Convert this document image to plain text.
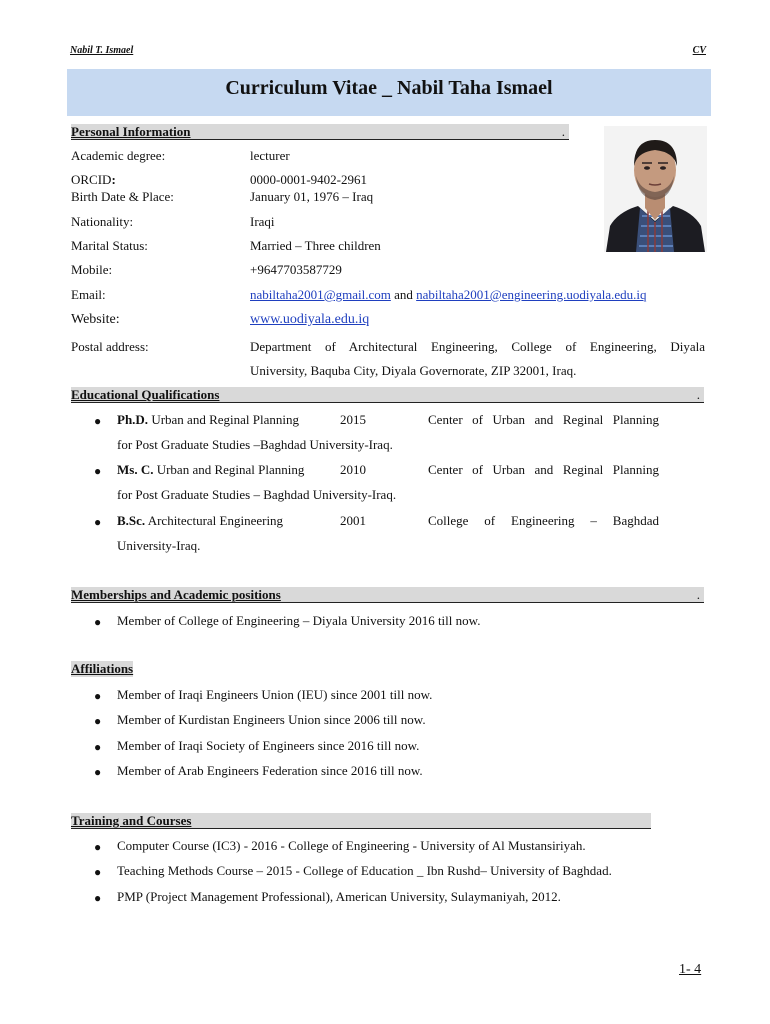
Nabil T. Ismael	CV
Curriculum Vitae _ Nabil Taha Ismael
Personal Information	.
Academic degree:	lecturer
ORCID:	0000-0001-9402-2961
Birth Date & Place:	January 01, 1976 – Iraq
Nationality:	Iraqi
Marital Status:	Married – Three children
Mobile:	+9647703587729
Email:	nabiltaha2001@gmail.com and nabiltaha2001@engineering.uodiyala.edu.iq
Website:	www.uodiyala.edu.iq
Postal address:	Department of Architectural Engineering, College of Engineering, Diyala
University, Baquba City, Diyala Governorate, ZIP 32001, Iraq.
Educational Qualifications	.
● Ph.D. Urban and Reginal Planning	2015	Center of Urban and Reginal Planning
for Post Graduate Studies –Baghdad University-Iraq.
● Ms. C. Urban and Reginal Planning	2010	Center of Urban and Reginal Planning
for Post Graduate Studies – Baghdad University-Iraq.
● B.Sc. Architectural Engineering	2001	College of Engineering – Baghdad
University-Iraq.
Memberships and Academic positions	.
● Member of College of Engineering – Diyala University 2016 till now.
Affiliations
● Member of Iraqi Engineers Union (IEU) since 2001 till now.
● Member of Kurdistan Engineers Union since 2006 till now.
● Member of Iraqi Society of Engineers since 2016 till now.
● Member of Arab Engineers Federation since 2016 till now.
Training and Courses
● Computer Course (IC3) - 2016 - College of Engineering - University of Al Mustansiriyah.
● Teaching Methods Course – 2015 - College of Education _ Ibn Rushd– University of Baghdad.
● PMP (Project Management Professional), American University, Sulaymaniyah, 2012.
1- 4
